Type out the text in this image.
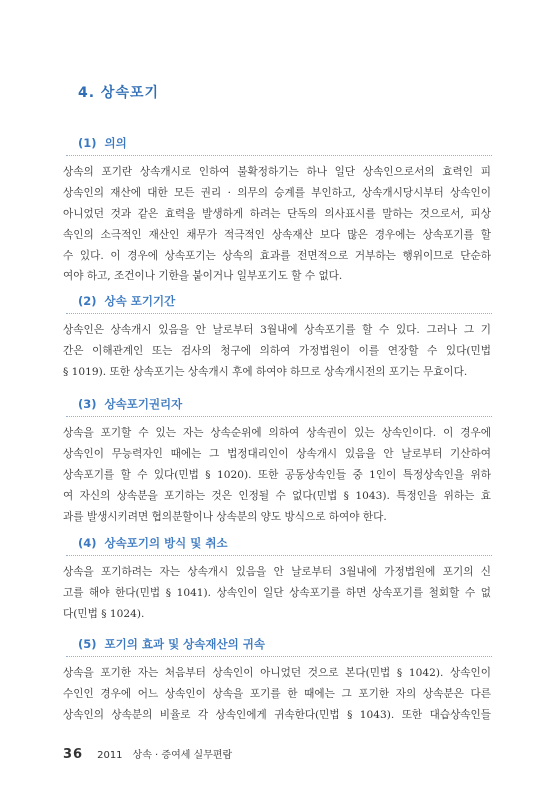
4. 상속포기
(1) 의의
상속의 포기란 상속개시로 인하여 불확정하기는 하나 일단 상속인으로서의 효력인 피
상속인의 재산에 대한 모든 권리 · 의무의 승계를 부인하고, 상속개시당시부터 상속인이
아니었던 것과 같은 효력을 발생하게 하려는 단독의 의사표시를 말하는 것으로서, 피상
속인의 소극적인 재산인 채무가 적극적인 상속재산 보다 많은 경우에는 상속포기를 할
수 있다. 이 경우에 상속포기는 상속의 효과를 전면적으로 거부하는 행위이므로 단순하
여야 하고, 조건이나 기한을 붙이거나 일부포기도 할 수 없다.
(2) 상속 포기기간
상속인은 상속개시 있음을 안 날로부터 3월내에 상속포기를 할 수 있다. 그러나 그 기
간은 이해관계인 또는 검사의 청구에 의하여 가정법원이 이를 연장할 수 있다(민법
§ 1019). 또한 상속포기는 상속개시 후에 하여야 하므로 상속개시전의 포기는 무효이다.
(3) 상속포기권리자
상속을 포기할 수 있는 자는 상속순위에 의하여 상속권이 있는 상속인이다. 이 경우에
상속인이 무능력자인 때에는 그 법정대리인이 상속개시 있음을 안 날로부터 기산하여
상속포기를 할 수 있다(민법 § 1020). 또한 공동상속인들 중 1인이 특정상속인을 위하
여 자신의 상속분을 포기하는 것은 인정될 수 없다(민법 § 1043). 특정인을 위하는 효
과를 발생시키려면 협의분할이나 상속분의 양도 방식으로 하여야 한다.
(4) 상속포기의 방식 및 취소
상속을 포기하려는 자는 상속개시 있음을 안 날로부터 3월내에 가정법원에 포기의 신
고를 해야 한다(민법 § 1041). 상속인이 일단 상속포기를 하면 상속포기를 철회할 수 없
다(민법 § 1024).
(5) 포기의 효과 및 상속재산의 귀속
상속을 포기한 자는 처음부터 상속인이 아니었던 것으로 본다(민법 § 1042). 상속인이
수인인 경우에 어느 상속인이 상속을 포기를 한 때에는 그 포기한 자의 상속분은 다른
상속인의 상속분의 비율로 각 상속인에게 귀속한다(민법 § 1043). 또한 대습상속인들
36 2011 상속 · 증여세 실무편람
